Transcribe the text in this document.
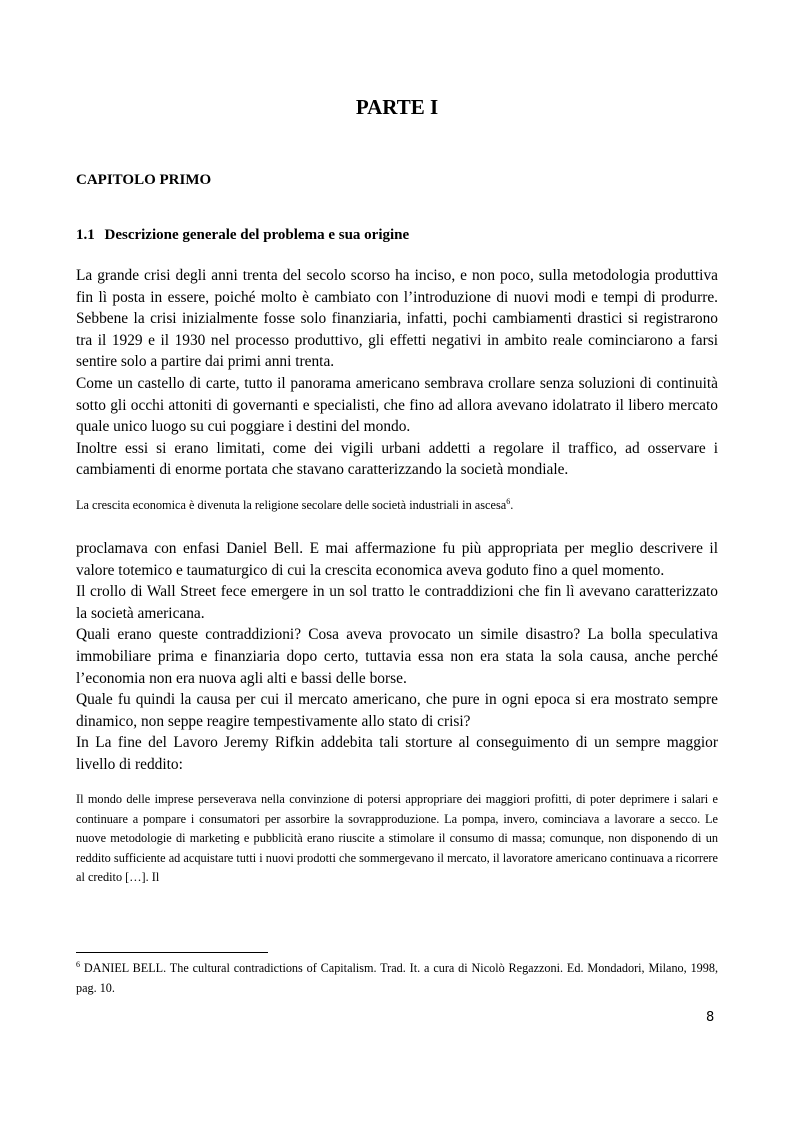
PARTE I
CAPITOLO PRIMO
1.1 Descrizione generale del problema e sua origine

La grande crisi degli anni trenta del secolo scorso ha inciso, e non poco, sulla metodologia produttiva fin lì posta in essere, poiché molto è cambiato con l’introduzione di nuovi modi e tempi di produrre. Sebbene la crisi inizialmente fosse solo finanziaria, infatti, pochi cambiamenti drastici si registrarono tra il 1929 e il 1930 nel processo produttivo, gli effetti negativi in ambito reale cominciarono a farsi sentire solo a partire dai primi anni trenta.

Come un castello di carte, tutto il panorama americano sembrava crollare senza soluzioni di continuità sotto gli occhi attoniti di governanti e specialisti, che fino ad allora avevano idolatrato il libero mercato quale unico luogo su cui poggiare i destini del mondo.

Inoltre essi si erano limitati, come dei vigili urbani addetti a regolare il traffico, ad osservare i cambiamenti di enorme portata che stavano caratterizzando la società mondiale.

La crescita economica è divenuta la religione secolare delle società industriali in ascesa$^6$.

proclamava con enfasi Daniel Bell. E mai affermazione fu più appropriata per meglio descrivere il valore totemico e taumaturgico di cui la crescita economica aveva goduto fino a quel momento.

Il crollo di Wall Street fece emergere in un sol tratto le contraddizioni che fin lì avevano caratterizzato la società americana.

Quali erano queste contraddizioni? Cosa aveva provocato un simile disastro? La bolla speculativa immobiliare prima e finanziaria dopo certo, tuttavia essa non era stata la sola causa, anche perché l’economia non era nuova agli alti e bassi delle borse.

Quale fu quindi la causa per cui il mercato americano, che pure in ogni epoca si era mostrato sempre dinamico, non seppe reagire tempestivamente allo stato di crisi?

In La fine del Lavoro Jeremy Rifkin addebita tali storture al conseguimento di un sempre maggior livello di reddito:

Il mondo delle imprese perseverava nella convinzione di potersi appropriare dei maggiori profitti, di poter deprimere i salari e continuare a pompare i consumatori per assorbire la sovrapproduzione. La pompa, invero, cominciava a lavorare a secco. Le nuove metodologie di marketing e pubblicità erano riuscite a stimolare il consumo di massa; comunque, non disponendo di un reddito sufficiente ad acquistare tutti i nuovi prodotti che sommergevano il mercato, il lavoratore americano continuava a ricorrere al credito […]. Il

$^6$ DANIEL BELL. The cultural contradictions of Capitalism. Trad. It. a cura di Nicolò Regazzoni. Ed. Mondadori, Milano, 1998, pag. 10.

8
